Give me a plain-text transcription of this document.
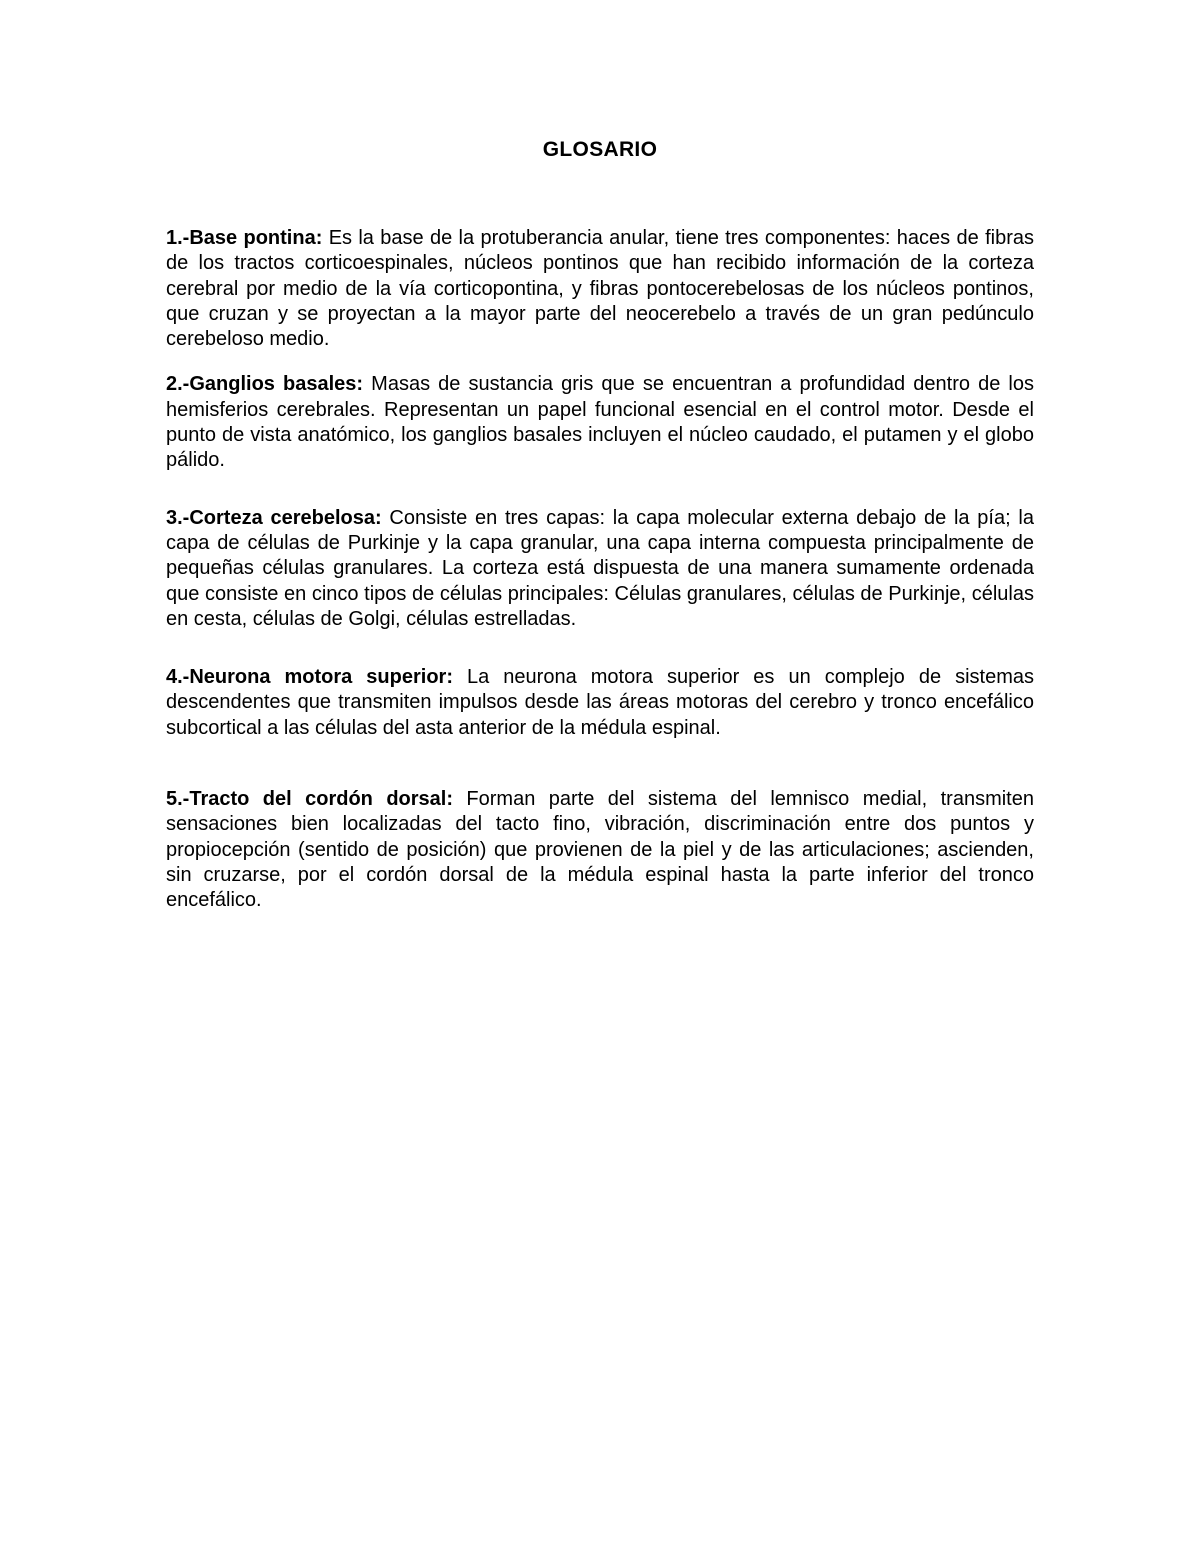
GLOSARIO

1.-Base pontina: Es la base de la protuberancia anular, tiene tres componentes: haces de fibras de los tractos corticoespinales, núcleos pontinos que han recibido información de la corteza cerebral por medio de la vía corticopontina, y fibras pontocerebelosas de los núcleos pontinos, que cruzan y se proyectan a la mayor parte del neocerebelo a través de un gran pedúnculo cerebeloso medio.

2.-Ganglios basales: Masas de sustancia gris que se encuentran a profundidad dentro de los hemisferios cerebrales. Representan un papel funcional esencial en el control motor. Desde el punto de vista anatómico, los ganglios basales incluyen el núcleo caudado, el putamen y el globo pálido.

3.-Corteza cerebelosa: Consiste en tres capas: la capa molecular externa debajo de la pía; la capa de células de Purkinje y la capa granular, una capa interna compuesta principalmente de pequeñas células granulares. La corteza está dispuesta de una manera sumamente ordenada que consiste en cinco tipos de células principales: Células granulares, células de Purkinje, células en cesta, células de Golgi, células estrelladas.

4.-Neurona motora superior: La neurona motora superior es un complejo de sistemas descendentes que transmiten impulsos desde las áreas motoras del cerebro y tronco encefálico subcortical a las células del asta anterior de la médula espinal.

5.-Tracto del cordón dorsal: Forman parte del sistema del lemnisco medial, transmiten sensaciones bien localizadas del tacto fino, vibración, discriminación entre dos puntos y propiocepción (sentido de posición) que provienen de la piel y de las articulaciones; ascienden, sin cruzarse, por el cordón dorsal de la médula espinal hasta la parte inferior del tronco encefálico.
